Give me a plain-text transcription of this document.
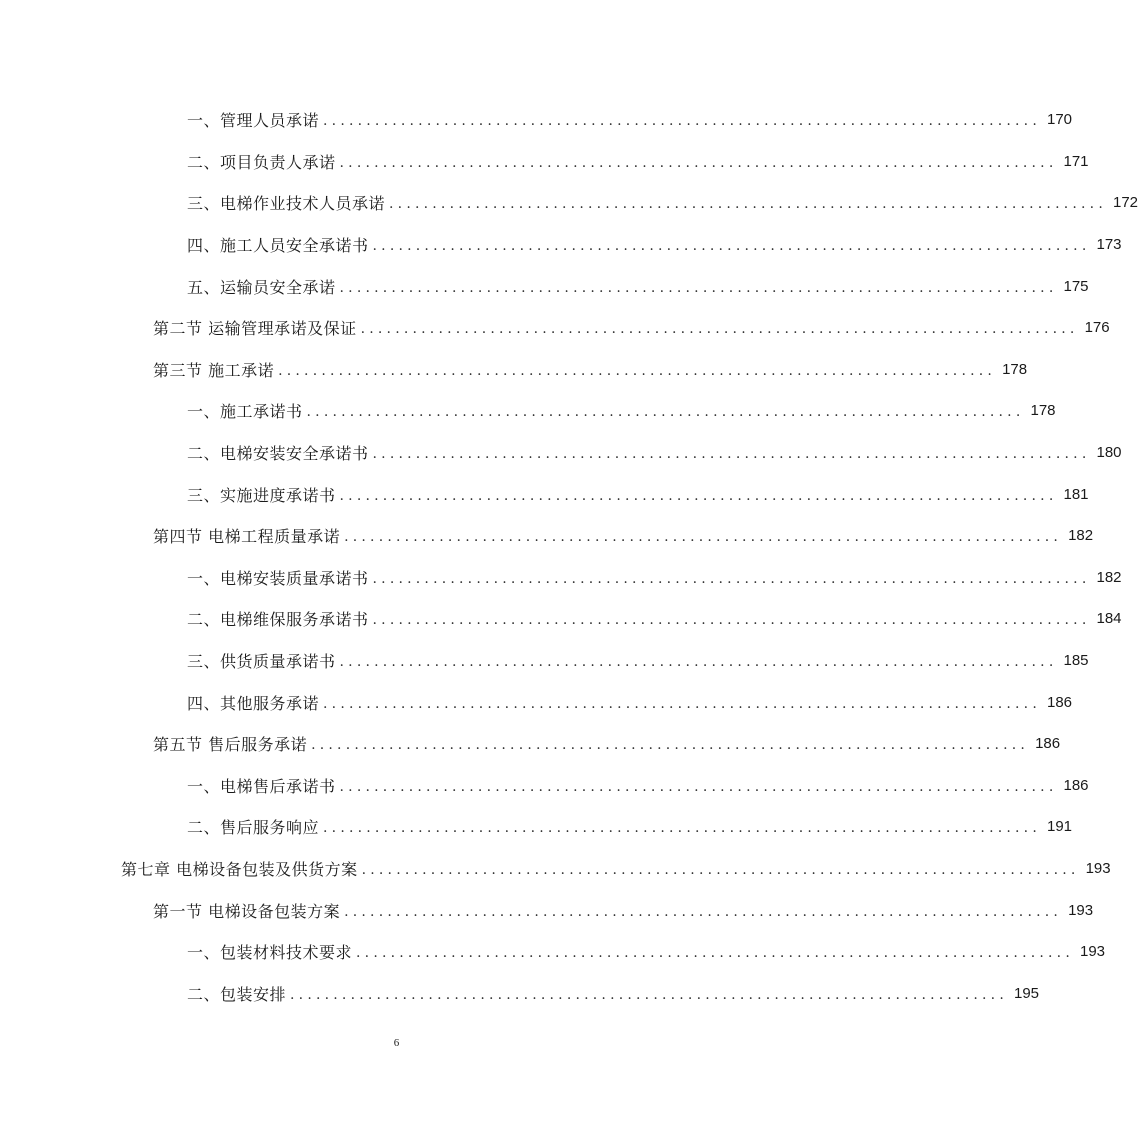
一、管理人员承诺 ................................................................................... 170
二、项目负责人承诺 ................................................................................... 171
三、电梯作业技术人员承诺 ................................................................................... 172
四、施工人员安全承诺书 ................................................................................... 173
五、运输员安全承诺 ................................................................................... 175
第二节 运输管理承诺及保证 ................................................................................... 176
第三节 施工承诺 ................................................................................... 178
一、施工承诺书 ................................................................................... 178
二、电梯安装安全承诺书 ................................................................................... 180
三、实施进度承诺书 ................................................................................... 181
第四节 电梯工程质量承诺 ................................................................................... 182
一、电梯安装质量承诺书 ................................................................................... 182
二、电梯维保服务承诺书 ................................................................................... 184
三、供货质量承诺书 ................................................................................... 185
四、其他服务承诺 ................................................................................... 186
第五节 售后服务承诺 ................................................................................... 186
一、电梯售后承诺书 ................................................................................... 186
二、售后服务响应 ................................................................................... 191
第七章 电梯设备包装及供货方案 ................................................................................... 193
第一节 电梯设备包装方案 ................................................................................... 193
一、包装材料技术要求 ................................................................................... 193
二、包装安排 ................................................................................... 195
6
